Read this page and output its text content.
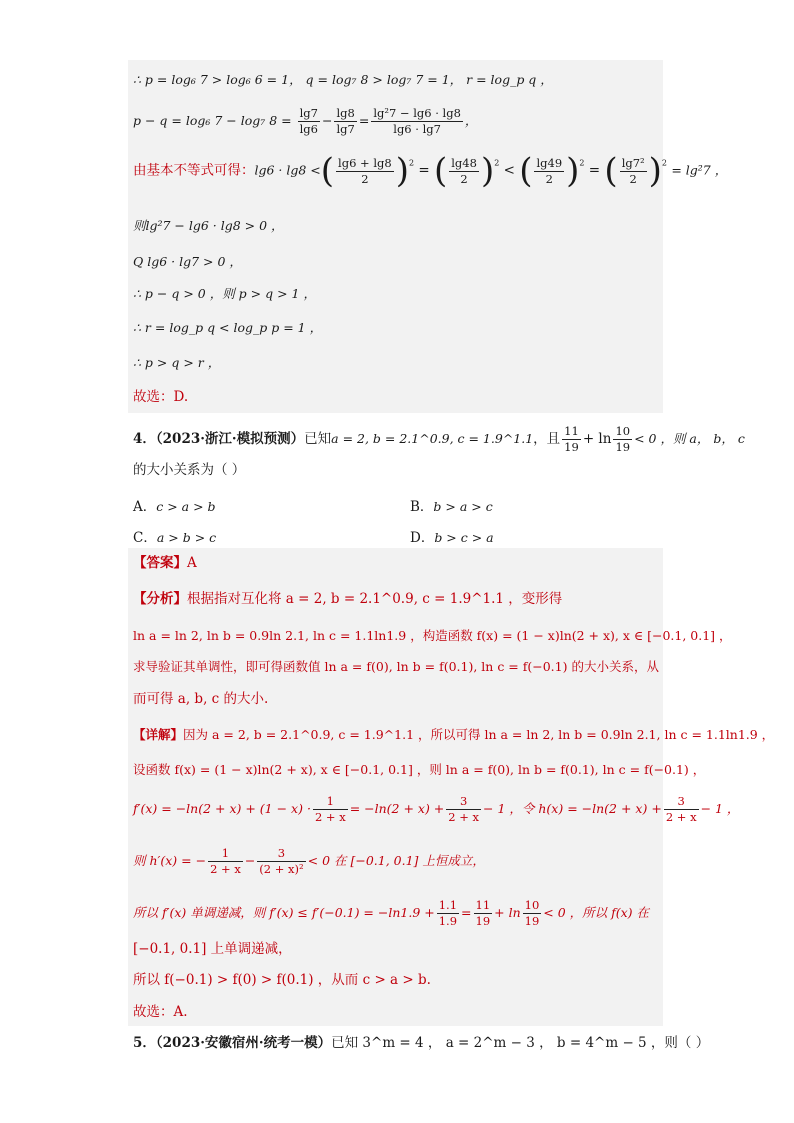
∴ p = log₆ 7 > log₆ 6 = 1， q = log₇ 8 > log₇ 7 = 1， r = log_p q ，
p − q = log₆ 7 − log₇ $8 = \frac{\lg 7}{\lg 6} - \frac{\lg 8}{\lg 7} = \frac{\text{lg²7 − lg6 · lg8}}{\lg 6 \cdot \lg 7}$ ，
由基本不等式可得：lg6 · lg8 <( $\frac{\lg 6 + \lg 8}{2} )^2$ = ( $\frac{\lg 48}{2} )^2$ < ( $\frac{\lg 49}{2} )^2$ = ( $\frac{\text{lg7²}}{2} )^2 = \lg^27$ ，
则lg²7 − lg6 · lg8 > 0 ，
Q lg6 · lg7 > 0 ，
∴ p − q > 0 ，则 p > q > 1 ，
∴ r = log_p q < log_p p = 1 ，
∴ p > q > r ，
故选：D.
4．（2023·浙江·模拟预测）已知a = 2, b = 2.1^0.9, c = 1.9^1.1，且 $\frac{11}{19} + \ln \frac{10}{19} < 0$ ，则 a， b， c
的大小关系为（ ）
A．c > a > b	B．b > a > c
C．a > b > c	D．b > c > a
【答案】A
【分析】根据指对互化将 a = 2, b = 2.1^0.9, c = 1.9^1.1 ，变形得
ln a = ln 2, ln b = 0.9ln 2.1, ln c = 1.1ln1.9 ，构造函数 f(x) = (1 − x)ln(2 + x), x ∈ [−0.1, 0.1] ，
求导验证其单调性，即可得函数值 ln a = f(0), ln b = f(0.1), ln c = f(−0.1) 的大小关系，从
而可得 a, b, c 的大小.
【详解】因为 a = 2, b = 2.1^0.9, c = 1.9^1.1 ，所以可得 ln a = ln 2, ln b = 0.9ln 2.1, ln c = 1.1ln1.9 ，
设函数 f(x) = (1 − x)ln(2 + x), x ∈ [−0.1, 0.1] ，则 ln a = f(0), ln b = f(0.1), ln c = f(−0.1) ，
$f'(x) = -\ln(2 + x) + (1 - x) \cdot \frac{1}{2 + x} = -\ln(2 + x) + \frac{3}{2 + x} - 1$ ，令 $h(x) = -\ln(2 + x) + \frac{3}{2 + x} - 1$ ，
则 h′(x) = − $\frac{1}{2 + x} - \frac{3}{\text{(2 + x)²}} < 0$ 在 [−0.1, 0.1] 上恒成立，
所以 f′(x) 单调递减，则 $f'(x) \le f'(-0.1) = -\ln 1.9 + \frac{1.1}{1.9} = \frac{11}{19} + \ln \frac{10}{19} < 0$ ，所以 f(x) 在
[−0.1, 0.1] 上单调递减，
所以 f(−0.1) > f(0) > f(0.1) ，从而 c > a > b.
故选：A.
5．（2023·安徽宿州·统考一模）已知 3^m = 4 ， a = 2^m − 3 ， b = 4^m − 5 ，则（ ）
